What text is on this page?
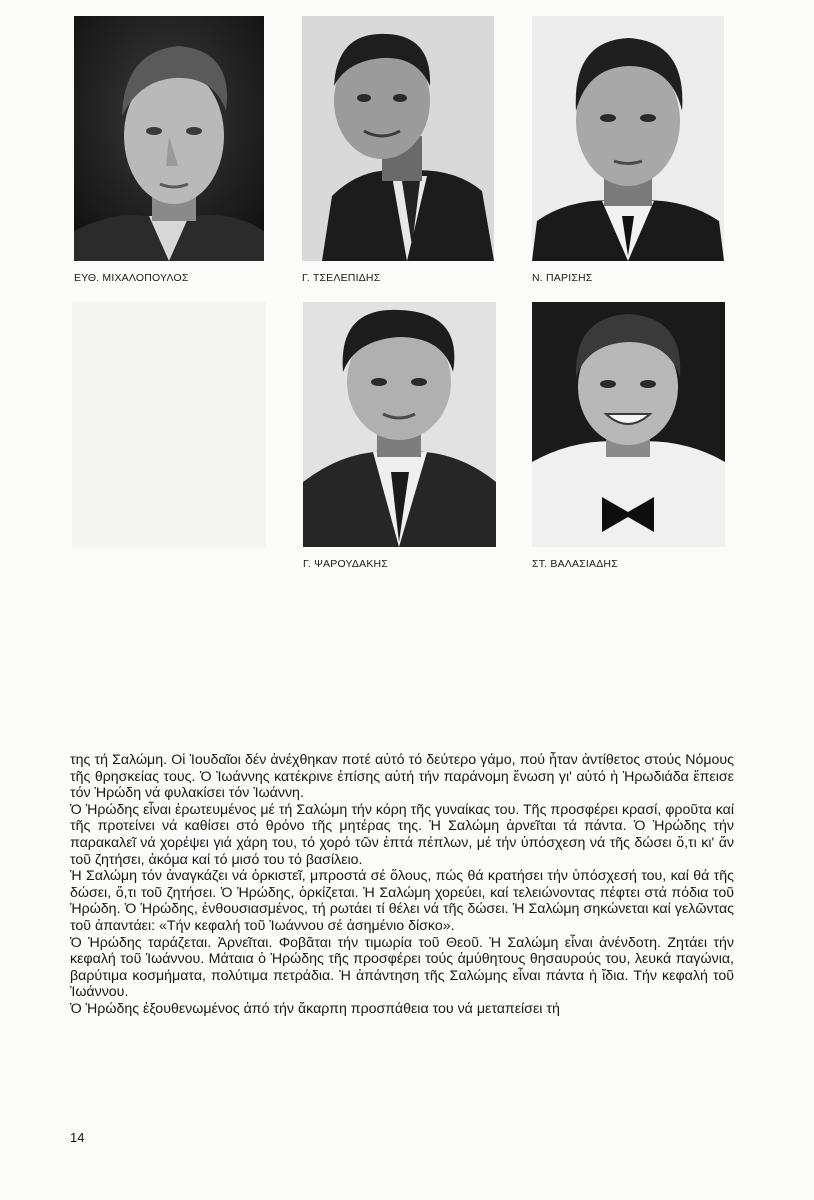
ΕΥΘ. ΜΙΧΑΛΟΠΟΥΛΟΣ	Γ. ΤΣΕΛΕΠΙΔΗΣ	Ν. ΠΑΡΙΣΗΣ
Γ. ΨΑΡΟΥΔΑΚΗΣ	ΣΤ. ΒΑΛΑΣΙΑΔΗΣ

της τή Σαλώμη. Οἱ Ἰουδαῖοι δέν ἀνέχθηκαν ποτέ αὐτό τό δεύτερο γάμο, πού ἦταν ἀντίθετος στούς Νόμους τῆς θρησκείας τους. Ὁ Ἰωάννης κατέκρινε ἐπίσης αὐτή τήν παράνομη ἕνωση γι' αὐτό ἡ Ἡρωδιάδα ἔπεισε τόν Ἡρώδη νά φυλακίσει τόν Ἰωάννη.

Ὁ Ἡρώδης εἶναι ἐρωτευμένος μέ τή Σαλώμη τήν κόρη τῆς γυναίκας του. Τῆς προσφέρει κρασί, φροῦτα καί τῆς προτείνει νά καθίσει στό θρόνο τῆς μητέρας της. Ἡ Σαλώμη ἀρνεῖται τά πάντα. Ὁ Ἡρώδης τήν παρακαλεῖ νά χορέψει γιά χάρη του, τό χορό τῶν ἑπτά πέπλων, μέ τήν ὑπόσχεση νά τῆς δώσει ὅ,τι κι' ἄν τοῦ ζητήσει, ἀκόμα καί τό μισό του τό βασίλειο.

Ἡ Σαλώμη τόν ἀναγκάζει νά ὁρκιστεῖ, μπροστά σέ ὅλους, πώς θά κρατήσει τήν ὑπόσχεσή του, καί θά τῆς δώσει, ὅ,τι τοῦ ζητήσει. Ὁ Ἡρώδης, ὁρκίζεται. Ἡ Σαλώμη χορεύει, καί τελειώνοντας πέφτει στά πόδια τοῦ Ἡρώδη. Ὁ Ἡρώδης, ἐνθουσιασμένος, τή ρωτάει τί θέλει νά τῆς δώσει. Ἡ Σαλώμη σηκώνεται καί γελῶντας τοῦ ἀπαντάει: «Τήν κεφαλή τοῦ Ἰωάννου σέ ἀσημένιο δίσκο».

Ὁ Ἡρώδης ταράζεται. Ἀρνεῖται. Φοβᾶται τήν τιμωρία τοῦ Θεοῦ. Ἡ Σαλώμη εἶναι ἀνένδοτη. Ζητάει τήν κεφαλή τοῦ Ἰωάννου. Μάταια ὁ Ἡρώδης τῆς προσφέρει τούς ἀμύθητους θησαυρούς του, λευκά παγώνια, βαρύτιμα κοσμήματα, πολύτιμα πετράδια. Ἡ ἀπάντηση τῆς Σαλώμης εἶναι πάντα ἡ ἴδια. Τήν κεφαλή τοῦ Ἰωάννου.

Ὁ Ἡρώδης ἐξουθενωμένος ἀπό τήν ἄκαρπη προσπάθεια του νά μεταπείσει τή

14
